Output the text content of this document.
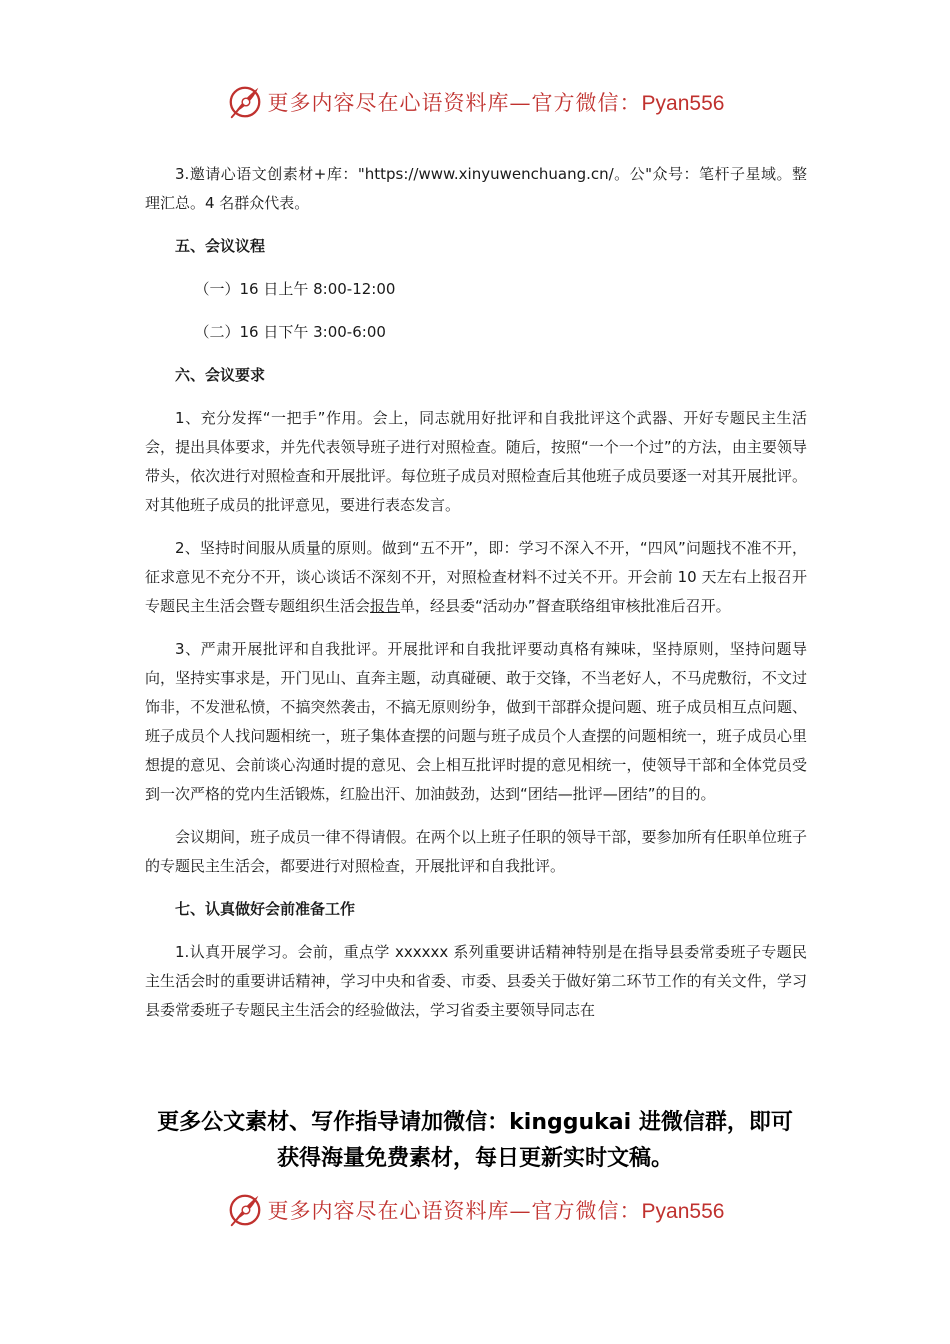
更多内容尽在心语资料库—官方微信：Pyan556

3.邀请心语文创素材+库："https://www.xinyuwenchuang.cn/。公"众号：笔杆子星域。整理汇总。4 名群众代表。

五、会议议程

（一）16 日上午 8:00-12:00

（二）16 日下午 3:00-6:00

六、会议要求

1、充分发挥“一把手”作用。会上，同志就用好批评和自我批评这个武器、开好专题民主生活会，提出具体要求，并先代表领导班子进行对照检查。随后，按照“一个一个过”的方法，由主要领导带头，依次进行对照检查和开展批评。每位班子成员对照检查后其他班子成员要逐一对其开展批评。对其他班子成员的批评意见，要进行表态发言。

2、坚持时间服从质量的原则。做到“五不开”，即：学习不深入不开，“四风”问题找不准不开，征求意见不充分不开，谈心谈话不深刻不开，对照检查材料不过关不开。开会前 10 天左右上报召开专题民主生活会暨专题组织生活会报告单，经县委“活动办”督查联络组审核批准后召开。

3、严肃开展批评和自我批评。开展批评和自我批评要动真格有辣味，坚持原则，坚持问题导向，坚持实事求是，开门见山、直奔主题，动真碰硬、敢于交锋，不当老好人，不马虎敷衍，不文过饰非，不发泄私愤，不搞突然袭击，不搞无原则纷争，做到干部群众提问题、班子成员相互点问题、班子成员个人找问题相统一，班子集体查摆的问题与班子成员个人查摆的问题相统一，班子成员心里想提的意见、会前谈心沟通时提的意见、会上相互批评时提的意见相统一，使领导干部和全体党员受到一次严格的党内生活锻炼，红脸出汗、加油鼓劲，达到“团结—批评—团结”的目的。

会议期间，班子成员一律不得请假。在两个以上班子任职的领导干部，要参加所有任职单位班子的专题民主生活会，都要进行对照检查，开展批评和自我批评。

七、认真做好会前准备工作

1.认真开展学习。会前，重点学 xxxxxx 系列重要讲话精神特别是在指导县委常委班子专题民主生活会时的重要讲话精神，学习中央和省委、市委、县委关于做好第二环节工作的有关文件，学习县委常委班子专题民主生活会的经验做法，学习省委主要领导同志在

更多公文素材、写作指导请加微信：kinggukai 进微信群，即可
获得海量免费素材，每日更新实时文稿。
更多内容尽在心语资料库—官方微信：Pyan556
